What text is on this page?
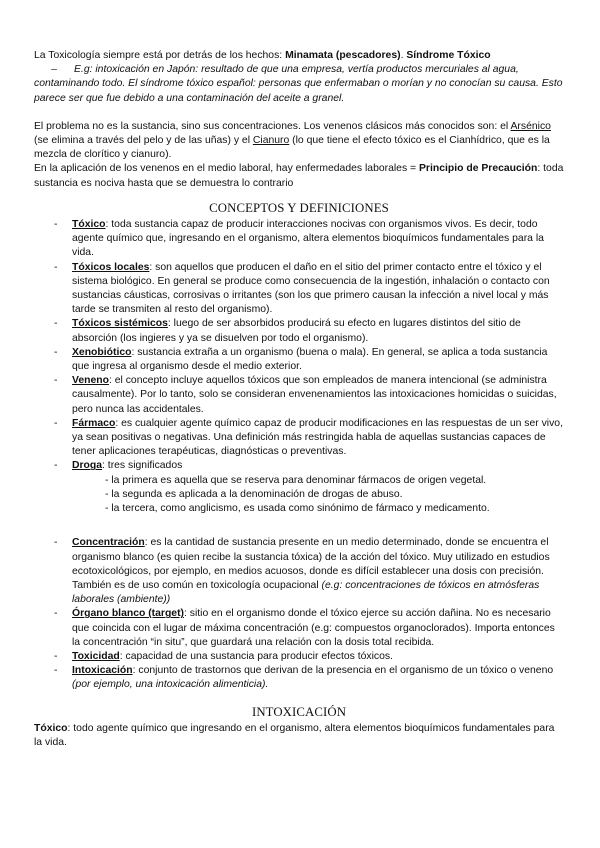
La Toxicología siempre está por detrás de los hechos: Minamata (pescadores). Síndrome Tóxico

– E.g: intoxicación en Japón: resultado de que una empresa, vertía productos mercuriales al agua, contaminando todo. El síndrome tóxico español: personas que enfermaban o morían y no conocían su causa. Esto parece ser que fue debido a una contaminación del aceite a granel.

El problema no es la sustancia, sino sus concentraciones. Los venenos clásicos más conocidos son: el Arsénico (se elimina a través del pelo y de las uñas) y el Cianuro (lo que tiene el efecto tóxico es el Cianhídrico, que es la mezcla de clorítico y cianuro).

En la aplicación de los venenos en el medio laboral, hay enfermedades laborales = Principio de Precaución: toda sustancia es nociva hasta que se demuestra lo contrario

CONCEPTOS Y DEFINICIONES
- Tóxico: toda sustancia capaz de producir interacciones nocivas con organismos vivos. Es decir, todo agente químico que, ingresando en el organismo, altera elementos bioquímicos fundamentales para la vida.
- Tóxicos locales: son aquellos que producen el daño en el sitio del primer contacto entre el tóxico y el sistema biológico. En general se produce como consecuencia de la ingestión, inhalación o contacto con sustancias cáusticas, corrosivas o irritantes (son los que primero causan la infección a nivel local y más tarde se transmiten al resto del organismo).
- Tóxicos sistémicos: luego de ser absorbidos producirá su efecto en lugares distintos del sitio de absorción (los ingieres y ya se disuelven por todo el organismo).
- Xenobiótico: sustancia extraña a un organismo (buena o mala). En general, se aplica a toda sustancia que ingresa al organismo desde el medio exterior.
- Veneno: el concepto incluye aquellos tóxicos que son empleados de manera intencional (se administra causalmente). Por lo tanto, solo se consideran envenenamientos las intoxicaciones homicidas o suicidas, pero nunca las accidentales.
- Fármaco: es cualquier agente químico capaz de producir modificaciones en las respuestas de un ser vivo, ya sean positivas o negativas. Una definición más restringida habla de aquellas sustancias capaces de tener aplicaciones terapéuticas, diagnósticas o preventivas.
- Droga: tres significados
- la primera es aquella que se reserva para denominar fármacos de origen vegetal.
- la segunda es aplicada a la denominación de drogas de abuso.
- la tercera, como anglicismo, es usada como sinónimo de fármaco y medicamento.
- Concentración: es la cantidad de sustancia presente en un medio determinado, donde se encuentra el organismo blanco (es quien recibe la sustancia tóxica) de la acción del tóxico. Muy utilizado en estudios ecotoxicológicos, por ejemplo, en medios acuosos, donde es difícil establecer una dosis con precisión. También es de uso común en toxicología ocupacional (e.g: concentraciones de tóxicos en atmósferas laborales (ambiente))
- Órgano blanco (target): sitio en el organismo donde el tóxico ejerce su acción dañina. No es necesario que coincida con el lugar de máxima concentración (e.g: compuestos organoclorados). Importa entonces la concentración “in situ”, que guardará una relación con la dosis total recibida.
- Toxicidad: capacidad de una sustancia para producir efectos tóxicos.
- Intoxicación: conjunto de trastornos que derivan de la presencia en el organismo de un tóxico o veneno (por ejemplo, una intoxicación alimenticia).
INTOXICACIÓN

Tóxico: todo agente químico que ingresando en el organismo, altera elementos bioquímicos fundamentales para la vida.
